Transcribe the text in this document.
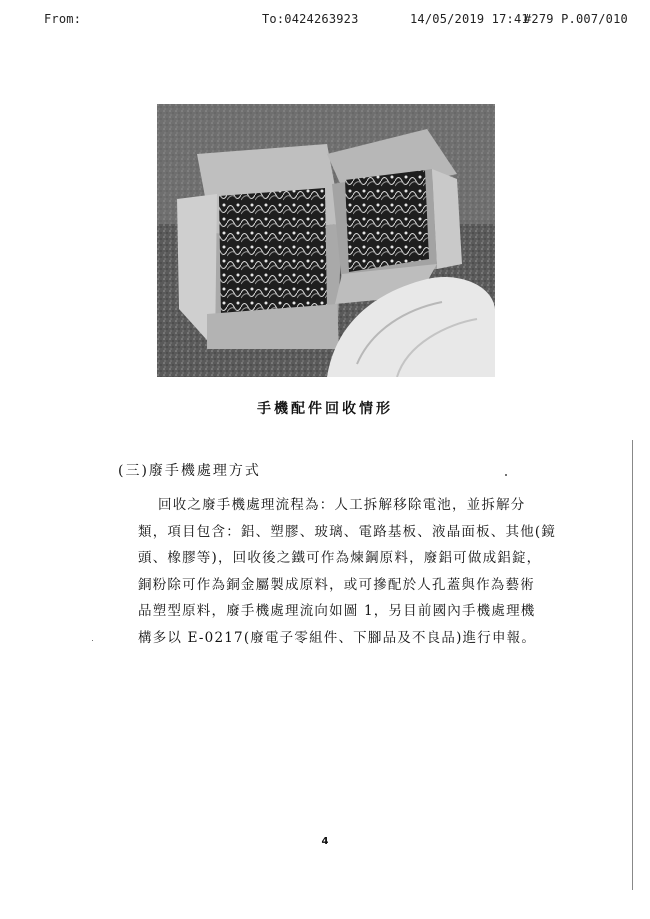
From:	To:0424263923	14/05/2019 17:41
#279 P.007/010
手機配件回收情形
(三)廢手機處理方式
回收之廢手機處理流程為：人工拆解移除電池，並拆解分
類，項目包含：鋁、塑膠、玻璃、電路基板、液晶面板、其他(鏡
頭、橡膠等)，回收後之鐵可作為煉鋼原料，廢鋁可做成鋁錠，
銅粉除可作為銅金屬製成原料，或可摻配於人孔蓋與作為藝術
品塑型原料，廢手機處理流向如圖 1，另目前國內手機處理機
構多以 E-0217(廢電子零組件、下腳品及不良品)進行申報。
4
